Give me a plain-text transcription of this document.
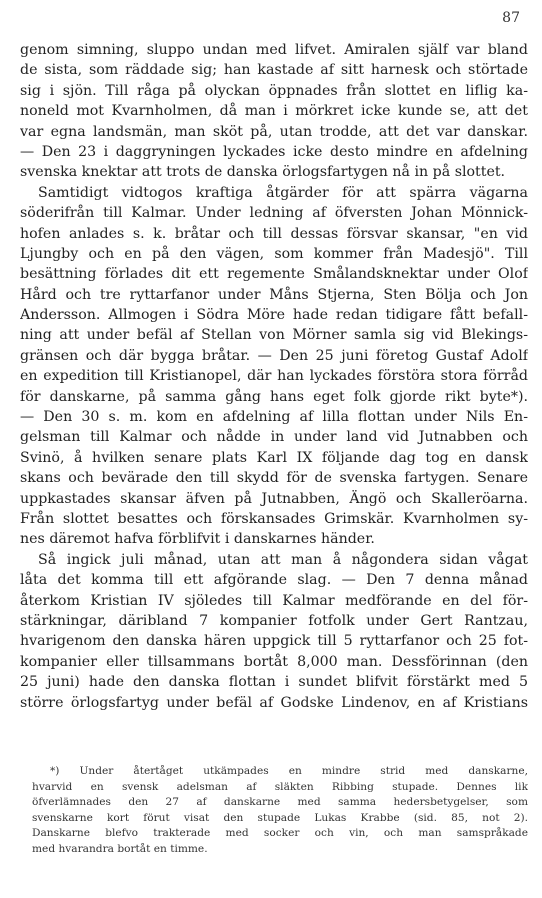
87
genom simning, sluppo undan med lifvet. Amiralen själf var bland
de sista, som räddade sig; han kastade af sitt harnesk och störtade
sig i sjön. Till råga på olyckan öppnades från slottet en liflig ka-
noneld mot Kvarnholmen, då man i mörkret icke kunde se, att det
var egna landsmän, man sköt på, utan trodde, att det var danskar.
— Den 23 i daggryningen lyckades icke desto mindre en afdelning
svenska knektar att trots de danska örlogsfartygen nå in på slottet.
Samtidigt vidtogos kraftiga åtgärder för att spärra vägarna
söderifrån till Kalmar. Under ledning af öfversten Johan Mönnick-
hofen anlades s. k. bråtar och till dessas försvar skansar, "en vid
Ljungby och en på den vägen, som kommer från Madesjö". Till
besättning förlades dit ett regemente Smålandsknektar under Olof
Hård och tre ryttarfanor under Måns Stjerna, Sten Bölja och Jon
Andersson. Allmogen i Södra Möre hade redan tidigare fått befall-
ning att under befäl af Stellan von Mörner samla sig vid Blekings-
gränsen och där bygga bråtar. — Den 25 juni företog Gustaf Adolf
en expedition till Kristianopel, där han lyckades förstöra stora förråd
för danskarne, på samma gång hans eget folk gjorde rikt byte*).
— Den 30 s. m. kom en afdelning af lilla flottan under Nils En-
gelsman till Kalmar och nådde in under land vid Jutnabben och
Svinö, å hvilken senare plats Karl IX följande dag tog en dansk
skans och bevärade den till skydd för de svenska fartygen. Senare
uppkastades skansar äfven på Jutnabben, Ängö och Skalleröarna.
Från slottet besattes och förskansades Grimskär. Kvarnholmen sy-
nes däremot hafva förblifvit i danskarnes händer.
Så ingick juli månad, utan att man å någondera sidan vågat
låta det komma till ett afgörande slag. — Den 7 denna månad
återkom Kristian IV sjöledes till Kalmar medförande en del för-
stärkningar, däribland 7 kompanier fotfolk under Gert Rantzau,
hvarigenom den danska hären uppgick till 5 ryttarfanor och 25 fot-
kompanier eller tillsammans bortåt 8,000 man. Dessförinnan (den
25 juni) hade den danska flottan i sundet blifvit förstärkt med 5
större örlogsfartyg under befäl af Godske Lindenov, en af Kristians
*) Under återtåget utkämpades en mindre strid med danskarne,
hvarvid en svensk adelsman af släkten Ribbing stupade. Dennes lik
öfverlämnades den 27 af danskarne med samma hedersbetygelser, som
svenskarne kort förut visat den stupade Lukas Krabbe (sid. 85, not 2).
Danskarne blefvo trakterade med socker och vin, och man samspråkade
med hvarandra bortåt en timme.
